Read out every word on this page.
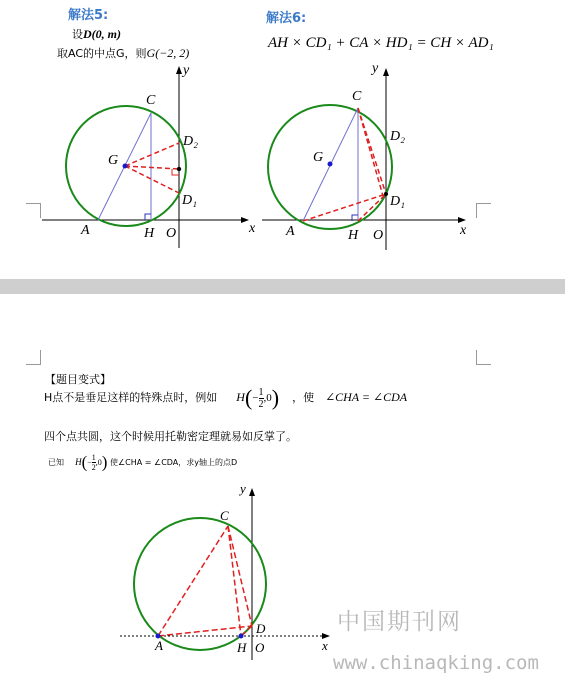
解法5:
设D(0, m)
取AC的中点G，则G(−2, 2)
解法6:
AH × CD₁ + CA × HD₁ = CH × AD₁
y
x
C
D₂
G
D₁
A	H O
y
x
C
D₂
G
D₁
A	H O
【题目变式】
H点不是垂足这样的特殊点时，例如 $H(- \frac{1}{2} ,0)$ ，使 ∠CHA = ∠CDA
四个点共圆，这个时候用托勒密定理就易如反掌了。
已知 $H(- \frac{1}{2} ,0)$ 使∠CHA = ∠CDA，求y轴上的点D
y
x
C
D
A	H O
中国期刊网
www.chinaqking.com
